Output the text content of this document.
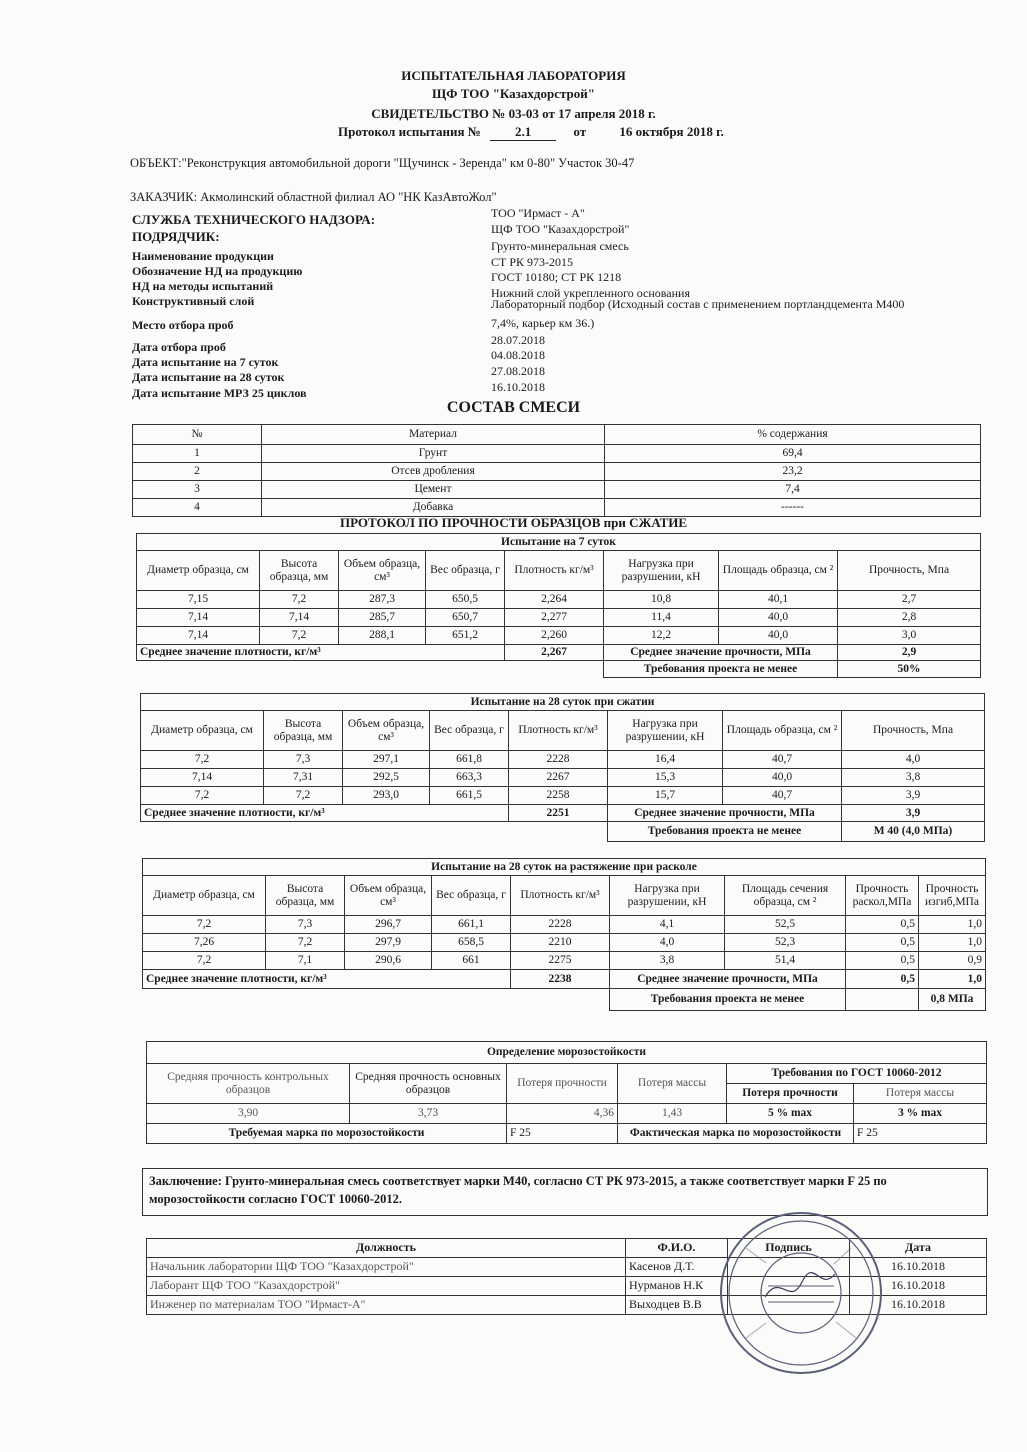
ИСПЫТАТЕЛЬНАЯ ЛАБОРАТОРИЯ
ЩФ ТОО "Казахдорстрой"
СВИДЕТЕЛЬСТВО № 03-03 от 17 апреля 2018 г.
Протокол испытания №	2.1	от	16 октября 2018 г.
ОБЪЕКТ:"Реконструкция автомобильной дороги "Щучинск - Зеренда" км 0-80" Участок 30-47
ЗАКАЗЧИК: Акмолинский областной филиал АО "НК КазАвтоЖол"
СЛУЖБА ТЕХНИЧЕСКОГО НАДЗОРА:	ТОО "Ирмаст - А"
ПОДРЯДЧИК:	ЩФ ТОО "Казахдорстрой"
Наименование продукции
Грунто-минеральная смесь
Обозначение НД на продукцию
СТ РК 973-2015
НД на методы испытаний
ГОСТ 10180; СТ РК 1218
Конструктивный слой
Нижний слой укрепленного основания
Место отбора проб
Лабораторный подбор (Исходный состав с применением портландцемента М400
7,4%, карьер км 36.)
Дата отбора проб	28.07.2018
Дата испытание на 7 суток	04.08.2018
Дата испытание на 28 суток	27.08.2018
Дата испытание МРЗ 25 циклов	16.10.2018
СОСТАВ СМЕСИ
№	Материал	% содержания
1	Грунт	69,4
2	Отсев дробления	23,2
3	Цемент	7,4
4	Добавка	------
ПРОТОКОЛ ПО ПРОЧНОСТИ ОБРАЗЦОВ при СЖАТИЕ
Испытание на 7 суток							
Диаметр образца, см	Высота образца, мм	Объем образца, см³	Вес образца, г	Плотность кг/м³	Нагрузка при разрушении, кН	Площадь образца, см ²	Прочность, Мпа
7,15	7,2	287,3	650,5	2,264	10,8	40,1	2,7
7,14	7,14	285,7	650,7	2,277	11,4	40,0	2,8
7,14	7,2	288,1	651,2	2,260	12,2	40,0	3,0
Среднее значение плотности, кг/м³				2,267	Среднее значение прочности, МПа		2,9
					Требования проекта не менее		50%
Испытание на 28 суток при сжатии							
Диаметр образца, см	Высота образца, мм	Объем образца, см³	Вес образца, г	Плотность кг/м³	Нагрузка при разрушении, кН	Площадь образца, см ²	Прочность, Мпа
7,2	7,3	297,1	661,8	2228	16,4	40,7	4,0
7,14	7,31	292,5	663,3	2267	15,3	40,0	3,8
7,2	7,2	293,0	661,5	2258	15,7	40,7	3,9
Среднее значение плотности, кг/м³				2251	Среднее значение прочности, МПа		3,9
					Требования проекта не менее		М 40 (4,0 МПа)
Испытание на 28 суток на растяжение при расколе								
Диаметр образца, см	Высота образца, мм	Объем образца, см³	Вес образца, г	Плотность кг/м³	Нагрузка при разрушении, кН	Площадь сечения образца, см ²	Прочность раскол,МПа	Прочность изгиб,МПа
7,2	7,3	296,7	661,1	2228	4,1	52,5	0,5	1,0
7,26	7,2	297,9	658,5	2210	4,0	52,3	0,5	1,0
7,2	7,1	290,6	661	2275	3,8	51,4	0,5	0,9
Среднее значение плотности, кг/м³				2238	Среднее значение прочности, МПа		0,5	1,0
					Требования проекта не менее			0,8 МПа
Определение морозостойкости					
Средняя прочность контрольных образцов	Средняя прочность основных образцов	Потеря прочности	Потеря массы	Требования по ГОСТ 10060-2012	
				Потеря прочности	Потеря массы
3,90	3,73	4,36	1,43	5 % max	3 % max
Требуемая марка по морозостойкости		F 25	Фактическая марка по морозостойкости		F 25
Заключение: Грунто-минеральная смесь соответствует марки М40, согласно СТ РК 973-2015, а также соответствует марки F 25 по морозостойкости согласно ГОСТ 10060-2012.
Должность	Ф.И.О.	Подпись	Дата
Начальник лаборатории ЩФ ТОО "Казахдорстрой"	Касенов Д.Т.		16.10.2018
Лаборант ЩФ ТОО "Казахдорстрой"	Нурманов Н.К		16.10.2018
Инженер по материалам ТОО "Ирмаст-А"	Выходцев В.В		16.10.2018
